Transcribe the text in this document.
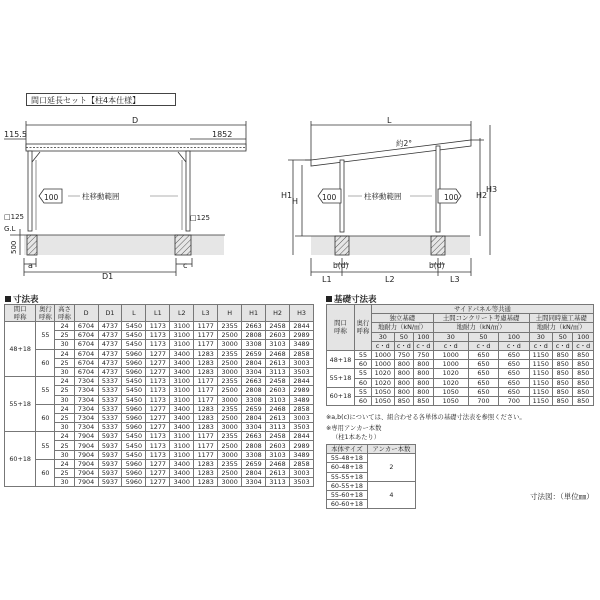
間口延長セット【柱4本仕様】
D
115.5	1852
100	柱移動範囲
□125	□125
G.L
500
a	c
D1
L
約2°
H1
H
H2
H3
100	100
柱移動範囲
b(d)	b(d)
L1	L2	L3
寸法表
間口
呼称	奥行
呼称	高さ
呼称	D	D1	L	L1	L2	L3	H	H1	H2	H3
48+18	55	24	6704	4737	5450	1173	3100	1177	2355	2663	2458	2844
		25	6704	4737	5450	1173	3100	1177	2500	2808	2603	2989
		30	6704	4737	5450	1173	3100	1177	3000	3308	3103	3489
	60	24	6704	4737	5960	1277	3400	1283	2355	2659	2468	2858
		25	6704	4737	5960	1277	3400	1283	2500	2804	2613	3003
		30	6704	4737	5960	1277	3400	1283	3000	3304	3113	3503
55+18	55	24	7304	5337	5450	1173	3100	1177	2355	2663	2458	2844
		25	7304	5337	5450	1173	3100	1177	2500	2808	2603	2989
		30	7304	5337	5450	1173	3100	1177	3000	3308	3103	3489
	60	24	7304	5337	5960	1277	3400	1283	2355	2659	2468	2858
		25	7304	5337	5960	1277	3400	1283	2500	2804	2613	3003
		30	7304	5337	5960	1277	3400	1283	3000	3304	3113	3503
60+18	55	24	7904	5937	5450	1173	3100	1177	2355	2663	2458	2844
		25	7904	5937	5450	1173	3100	1177	2500	2808	2603	2989
		30	7904	5937	5450	1173	3100	1177	3000	3308	3103	3489
	60	24	7904	5937	5960	1277	3400	1283	2355	2659	2468	2858
		25	7904	5937	5960	1277	3400	1283	2500	2804	2613	3003
		30	7904	5937	5960	1277	3400	1283	3000	3304	3113	3503
基礎寸法表
間口
呼称	奥行
呼称	サイドパネル等共通								
		独立基礎			土間コンクリート考慮基礎			土間同時施工基礎		
		地耐力（kN/㎡）			地耐力（kN/㎡）			地耐力（kN/㎡）		
		30	50	100	30	50	100	30	50	100
		c・d	c・d	c・d	c・d	c・d	c・d	c・d	c・d	c・d
48+18	55	1000	750	750	1000	650	650	1150	850	850
	60	1000	800	800	1000	650	650	1150	850	850
55+18	55	1020	800	800	1020	650	650	1150	850	850
	60	1020	800	800	1020	650	650	1150	850	850
60+18	55	1050	800	800	1050	650	650	1150	850	850
	60	1050	850	850	1050	700	700	1150	850	850
※a,b(c)については、組合わせる各単体の基礎寸法表を参照ください。
※専用アンカー本数
（柱1本あたり）
本体サイズ	アンカー本数
55-48+18	2
60-48+18	
55-55+18	
60-55+18	4
55-60+18	
60-60+18	
寸法図：（単位㎜）
